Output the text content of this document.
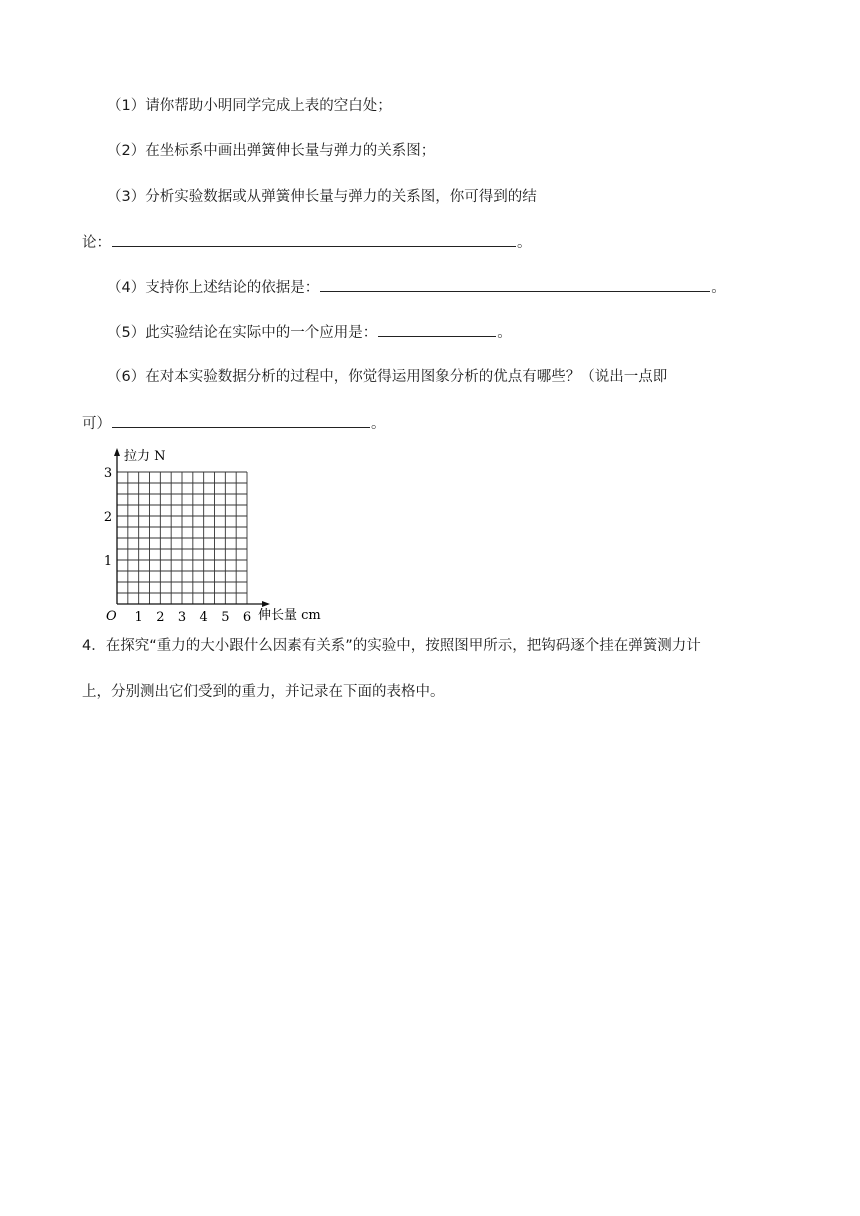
（1）请你帮助小明同学完成上表的空白处；
（2）在坐标系中画出弹簧伸长量与弹力的关系图；
（3）分析实验数据或从弹簧伸长量与弹力的关系图，你可得到的结
论：	。
（4）支持你上述结论的依据是：	。
（5）此实验结论在实际中的一个应用是：	。
（6）在对本实验数据分析的过程中，你觉得运用图象分析的优点有哪些？（说出一点即
可）	。
1 2 3 4 5 6
1
2
3
拉力 N
伸长量 cm
O
4．在探究“重力的大小跟什么因素有关系”的实验中，按照图甲所示，把钩码逐个挂在弹簧测力计
上，分别测出它们受到的重力，并记录在下面的表格中。
